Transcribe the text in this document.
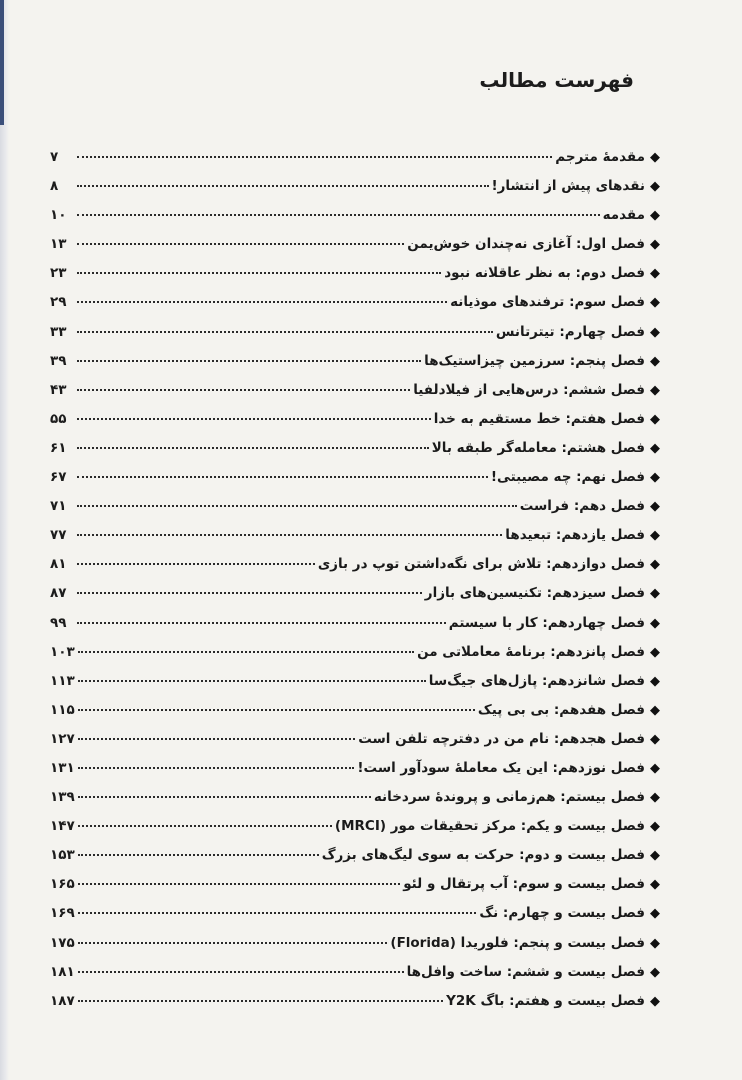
فهرست مطالب
◆
مقدمهٔ مترجم
۷
◆
نقدهای پیش از انتشار!
۸
◆
مقدمه
۱۰
◆
فصل اول: آغازی نه‌چندان خوش‌یمن
۱۳
◆
فصل دوم: به نظر عاقلانه نبود
۲۳
◆
فصل سوم: ترفندهای موذیانه
۲۹
◆
فصل چهارم: تیترتانس
۳۳
◆
فصل پنجم: سرزمین چیزاستیک‌ها
۳۹
◆
فصل ششم: درس‌هایی از فیلادلفیا
۴۳
◆
فصل هفتم: خط مستقیم به خدا
۵۵
◆
فصل هشتم: معامله‌گر طبقه بالا
۶۱
◆
فصل نهم: چه مصیبتی!
۶۷
◆
فصل دهم: فراست
۷۱
◆
فصل یازدهم: تبعیدها
۷۷
◆
فصل دوازدهم: تلاش برای نگه‌داشتن توپ در بازی
۸۱
◆
فصل سیزدهم: تکنیسین‌های بازار
۸۷
◆
فصل چهاردهم: کار با سیستم
۹۹
◆
فصل پانزدهم: برنامهٔ معاملاتی من
۱۰۳
◆
فصل شانزدهم: پازل‌های جیگ‌سا
۱۱۳
◆
فصل هفدهم: بی بی پیک
۱۱۵
◆
فصل هجدهم: نام من در دفترچه تلفن است
۱۲۷
◆
فصل نوزدهم: این یک معاملهٔ سودآور است!
۱۳۱
◆
فصل بیستم: هم‌زمانی و پروندهٔ سردخانه
۱۳۹
◆
فصل بیست و یکم: مرکز تحقیقات مور (MRCI)
۱۴۷
◆
فصل بیست و دوم: حرکت به سوی لیگ‌های بزرگ
۱۵۳
◆
فصل بیست و سوم: آب پرتقال و لئو
۱۶۵
◆
فصل بیست و چهارم: نگ
۱۶۹
◆
فصل بیست و پنجم: فلوریدا (Florida)
۱۷۵
◆
فصل بیست و ششم: ساخت وافل‌ها
۱۸۱
◆
فصل بیست و هفتم: باگ Y2K
۱۸۷
